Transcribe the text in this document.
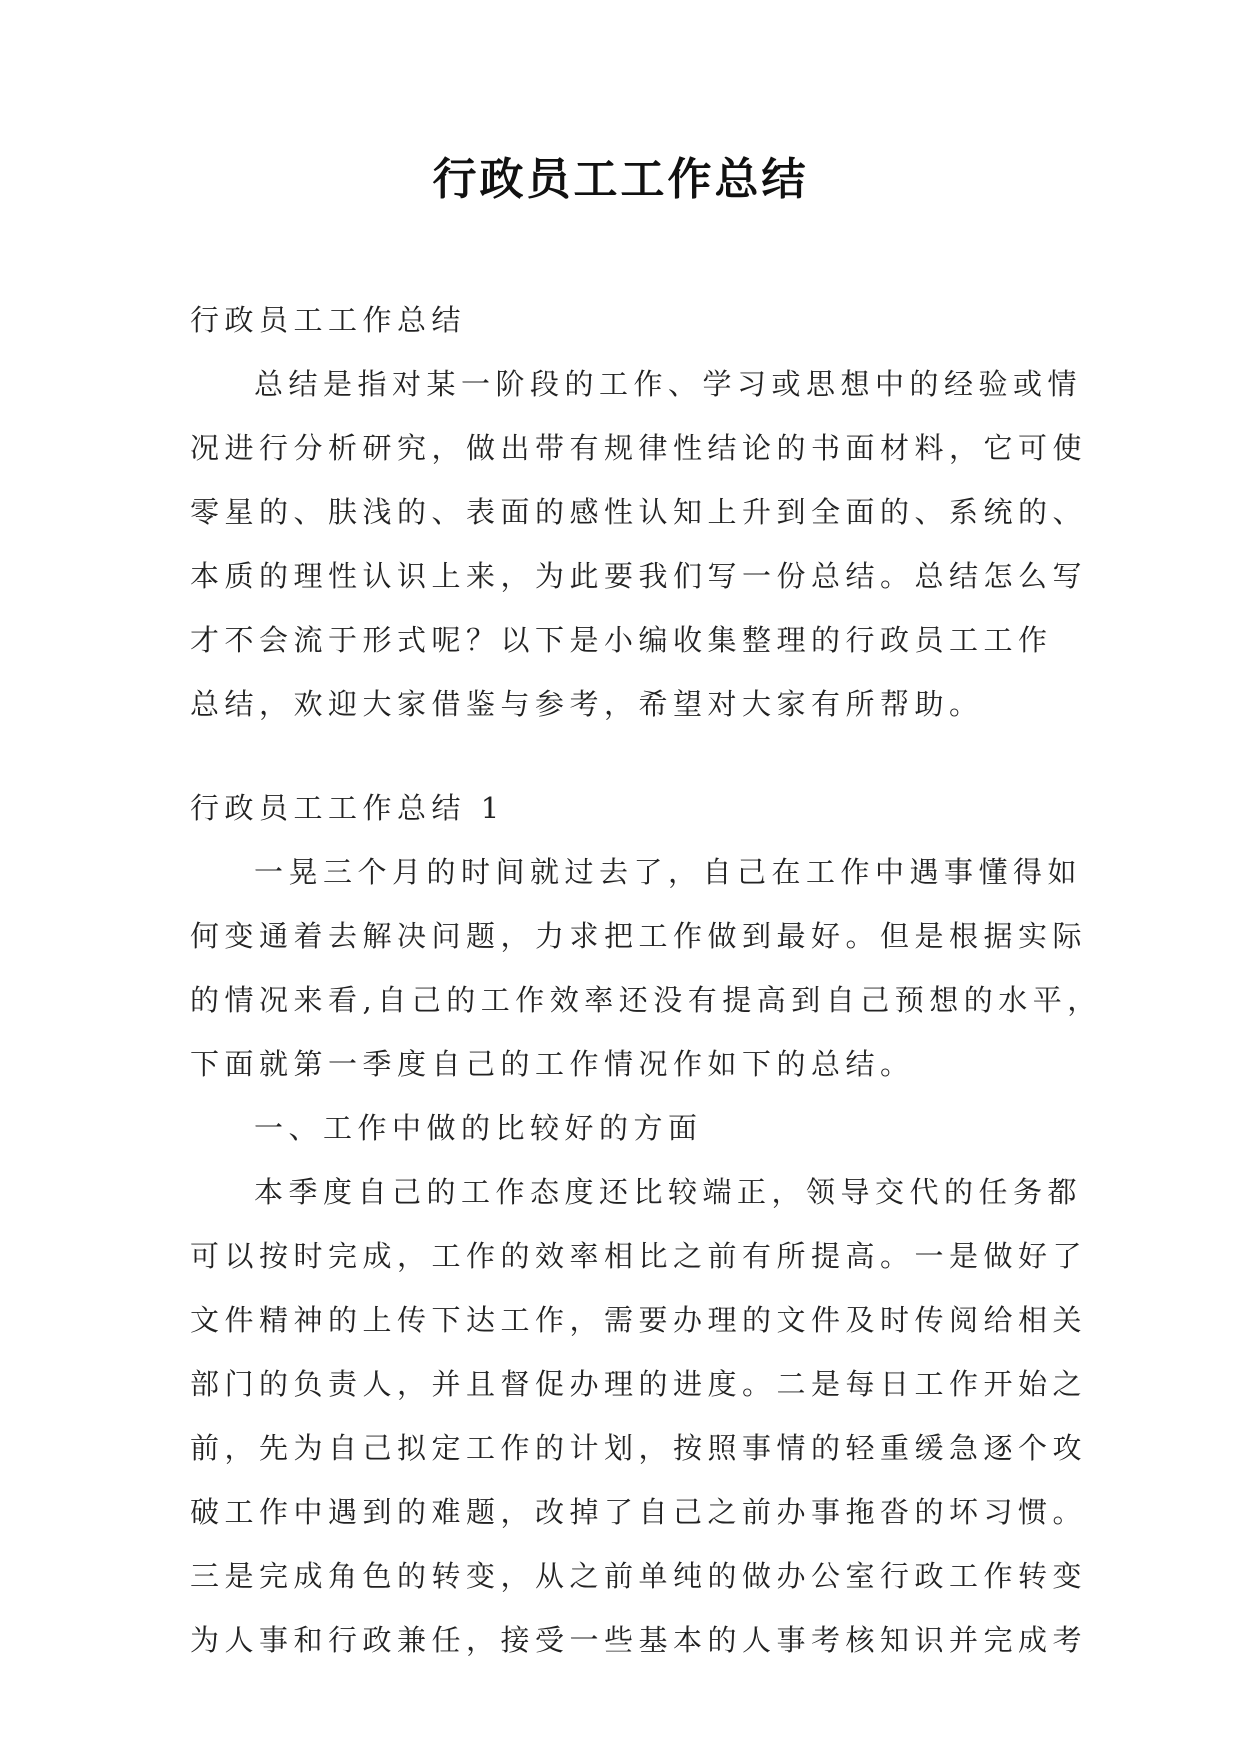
行政员工工作总结
行政员工工作总结
总结是指对某一阶段的工作、学习或思想中的经验或情
况进行分析研究，做出带有规律性结论的书面材料，它可使
零星的、肤浅的、表面的感性认知上升到全面的、系统的、
本质的理性认识上来，为此要我们写一份总结。总结怎么写
才不会流于形式呢？以下是小编收集整理的行政员工工作
总结，欢迎大家借鉴与参考，希望对大家有所帮助。
行政员工工作总结 1
一晃三个月的时间就过去了，自己在工作中遇事懂得如
何变通着去解决问题，力求把工作做到最好。但是根据实际
的情况来看,自己的工作效率还没有提高到自己预想的水平，
下面就第一季度自己的工作情况作如下的总结。
一、工作中做的比较好的方面
本季度自己的工作态度还比较端正，领导交代的任务都
可以按时完成，工作的效率相比之前有所提高。一是做好了
文件精神的上传下达工作，需要办理的文件及时传阅给相关
部门的负责人，并且督促办理的进度。二是每日工作开始之
前，先为自己拟定工作的计划，按照事情的轻重缓急逐个攻
破工作中遇到的难题，改掉了自己之前办事拖沓的坏习惯。
三是完成角色的转变，从之前单纯的做办公室行政工作转变
为人事和行政兼任，接受一些基本的人事考核知识并完成考
